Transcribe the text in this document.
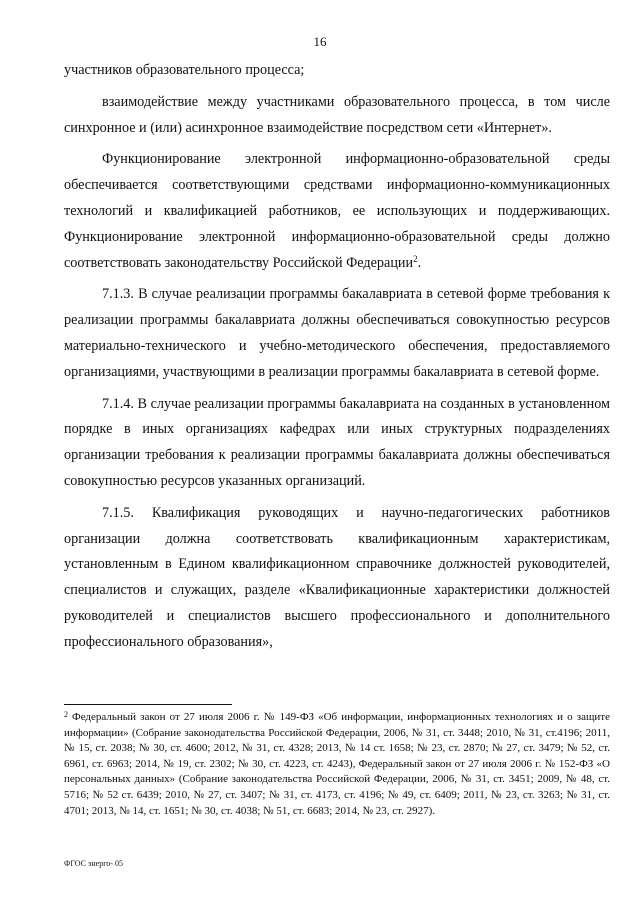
16

участников образовательного процесса;

взаимодействие между участниками образовательного процесса, в том числе синхронное и (или) асинхронное взаимодействие посредством сети «Интернет».

Функционирование электронной информационно-образовательной среды обеспечивается соответствующими средствами информационно-коммуникационных технологий и квалификацией работников, ее использующих и поддерживающих. Функционирование электронной информационно-образовательной среды должно соответствовать законодательству Российской Федерации$^2$.

7.1.3. В случае реализации программы бакалавриата в сетевой форме требования к реализации программы бакалавриата должны обеспечиваться совокупностью ресурсов материально-технического и учебно-методического обеспечения, предоставляемого организациями, участвующими в реализации программы бакалавриата в сетевой форме.

7.1.4. В случае реализации программы бакалавриата на созданных в установленном порядке в иных организациях кафедрах или иных структурных подразделениях организации требования к реализации программы бакалавриата должны обеспечиваться совокупностью ресурсов указанных организаций.

7.1.5. Квалификация руководящих и научно-педагогических работников организации должна соответствовать квалификационным характеристикам, установленным в Едином квалификационном справочнике должностей руководителей, специалистов и служащих, разделе «Квалификационные характеристики должностей руководителей и специалистов высшего профессионального и дополнительного профессионального образования»,

$^2$ Федеральный закон от 27 июля 2006 г. № 149-ФЗ «Об информации, информационных технологиях и о защите информации» (Собрание законодательства Российской Федерации, 2006, № 31, ст. 3448; 2010, № 31, ст.4196; 2011, № 15, ст. 2038; № 30, ст. 4600; 2012, № 31, ст. 4328; 2013, № 14 ст. 1658; № 23, ст. 2870; № 27, ст. 3479; № 52, ст. 6961, ст. 6963; 2014, № 19, ст. 2302; № 30, ст. 4223, ст. 4243), Федеральный закон от 27 июля 2006 г. № 152-ФЗ «О персональных данных» (Собрание законодательства Российской Федерации, 2006, № 31, ст. 3451; 2009, № 48, ст. 5716; № 52 ст. 6439; 2010, № 27, ст. 3407; № 31, ст. 4173, ст. 4196; № 49, ст. 6409; 2011, № 23, ст. 3263; № 31, ст. 4701; 2013, № 14, ст. 1651; № 30, ст. 4038; № 51, ст. 6683; 2014, № 23, ст. 2927).

ФГОС энерго- 05
